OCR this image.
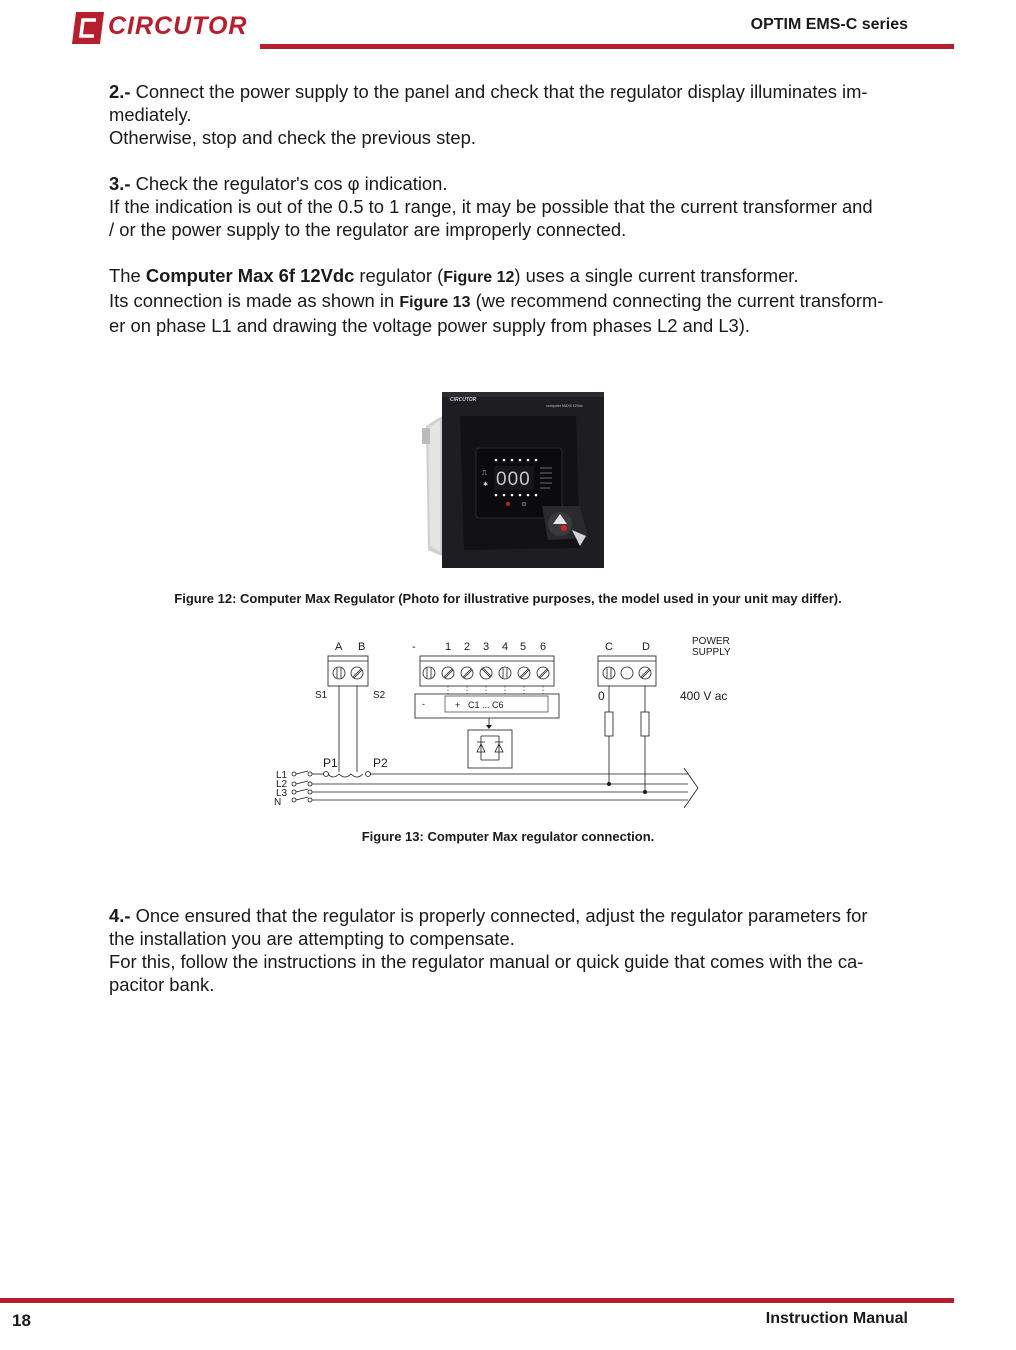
CIRCUTOR	OPTIM EMS-C series

2.- Connect the power supply to the panel and check that the regulator display illuminates im-

mediately.

Otherwise, stop and check the previous step.

3.- Check the regulator's cos φ indication.

If the indication is out of the 0.5 to 1 range, it may be possible that the current transformer and

/ or the power supply to the regulator are improperly connected.

The Computer Max 6f 12Vdc regulator (Figure 12) uses a single current transformer.

Its connection is made as shown in Figure 13 (we recommend connecting the current transform-

er on phase L1 and drawing the voltage power supply from phases L2 and L3).

CIRCUTOR
computer MAX6 12Vdc
000
⎍
✱
Figure 12: Computer Max Regulator (Photo for illustrative purposes, the model used in your unit may differ).
A B	-	1 2 3 4 5 6	C	D	POWER
SUPPLY
-	+ C1 ... C6
S1	S2	0	400 V ac
P1	P2
L1
L2
L3
N
Figure 13: Computer Max regulator connection.

4.- Once ensured that the regulator is properly connected, adjust the regulator parameters for

the installation you are attempting to compensate.

For this, follow the instructions in the regulator manual or quick guide that comes with the ca-

pacitor bank.

18	Instruction Manual
